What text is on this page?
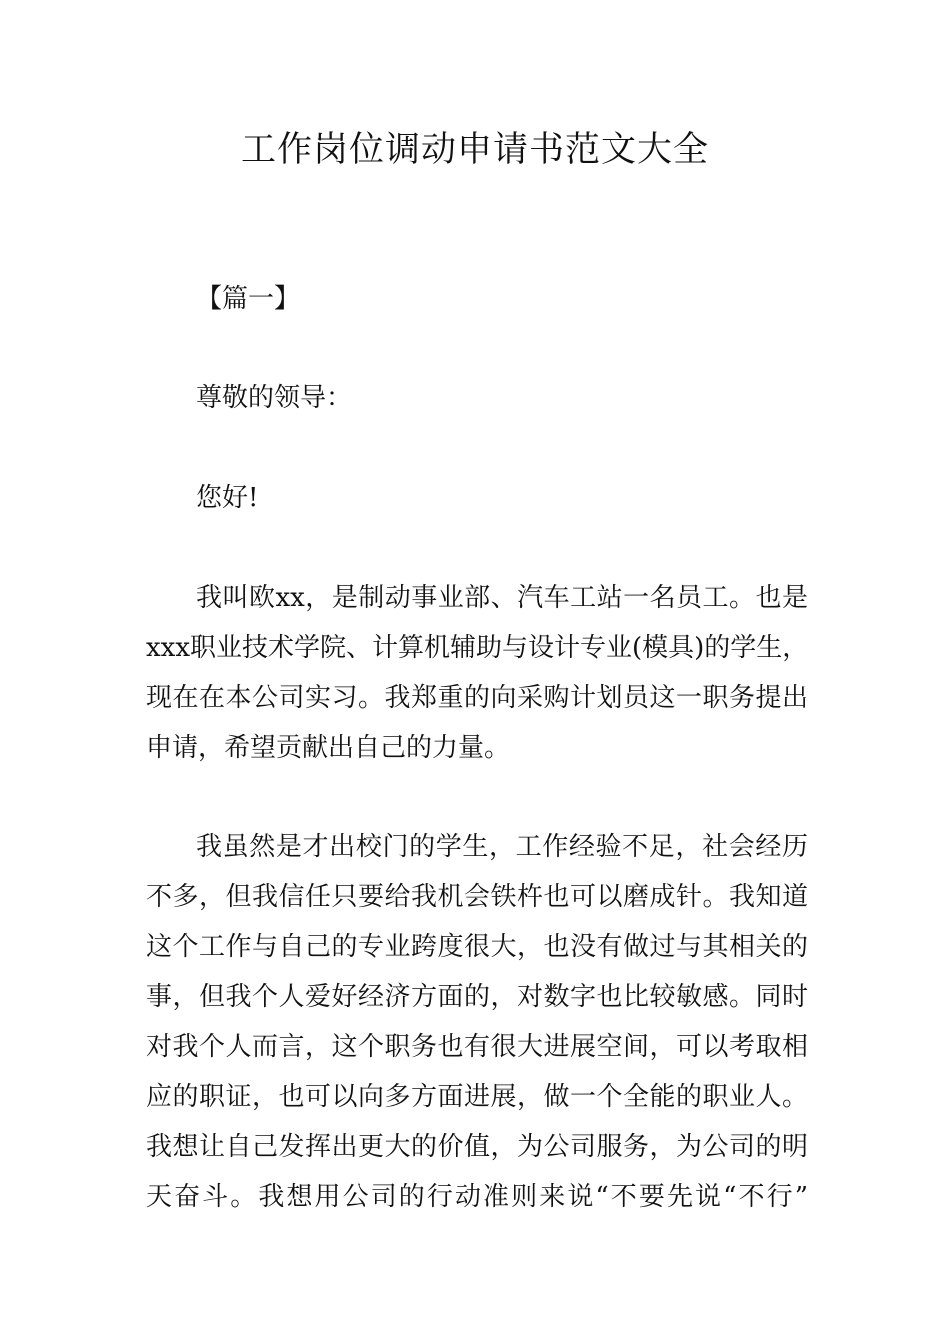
工作岗位调动申请书范文大全

【篇一】

尊敬的领导：

您好!

我叫欧xx，是制动事业部、汽车工站一名员工。也是

xxx职业技术学院、计算机辅助与设计专业(模具)的学生，

现在在本公司实习。我郑重的向采购计划员这一职务提出

申请，希望贡献出自己的力量。

我虽然是才出校门的学生，工作经验不足，社会经历

不多，但我信任只要给我机会铁杵也可以磨成针。我知道

这个工作与自己的专业跨度很大，也没有做过与其相关的

事，但我个人爱好经济方面的，对数字也比较敏感。同时

对我个人而言，这个职务也有很大进展空间，可以考取相

应的职证，也可以向多方面进展，做一个全能的职业人。

我想让自己发挥出更大的价值，为公司服务，为公司的明

天奋斗。我想用公司的行动准则来说“不要先说“不行”
